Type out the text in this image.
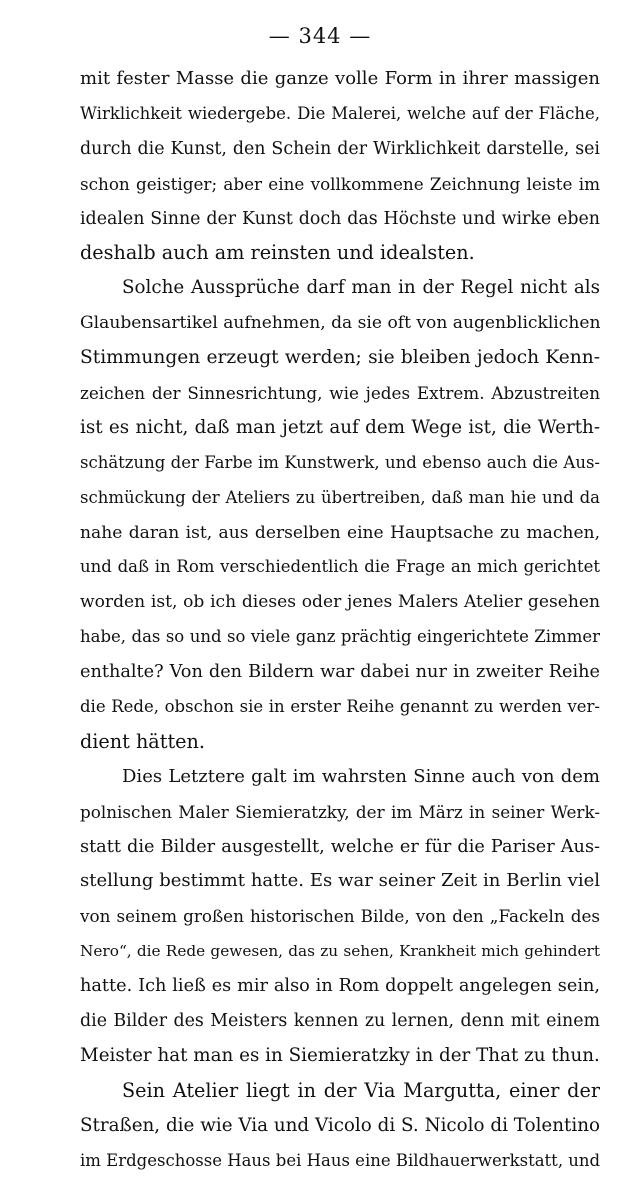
— 344 —
mit fester Masse die ganze volle Form in ihrer massigen
Wirklichkeit wiedergebe. Die Malerei, welche auf der Fläche,
durch die Kunst, den Schein der Wirklichkeit darstelle, sei
schon geistiger; aber eine vollkommene Zeichnung leiste im
idealen Sinne der Kunst doch das Höchste und wirke eben
deshalb auch am reinsten und idealsten.
Solche Aussprüche darf man in der Regel nicht als
Glaubensartikel aufnehmen, da sie oft von augenblicklichen
Stimmungen erzeugt werden; sie bleiben jedoch Kenn-
zeichen der Sinnesrichtung, wie jedes Extrem. Abzustreiten
ist es nicht, daß man jetzt auf dem Wege ist, die Werth-
schätzung der Farbe im Kunstwerk, und ebenso auch die Aus-
schmückung der Ateliers zu übertreiben, daß man hie und da
nahe daran ist, aus derselben eine Hauptsache zu machen,
und daß in Rom verschiedentlich die Frage an mich gerichtet
worden ist, ob ich dieses oder jenes Malers Atelier gesehen
habe, das so und so viele ganz prächtig eingerichtete Zimmer
enthalte? Von den Bildern war dabei nur in zweiter Reihe
die Rede, obschon sie in erster Reihe genannt zu werden ver-
dient hätten.
Dies Letztere galt im wahrsten Sinne auch von dem
polnischen Maler Siemieratzky, der im März in seiner Werk-
statt die Bilder ausgestellt, welche er für die Pariser Aus-
stellung bestimmt hatte. Es war seiner Zeit in Berlin viel
von seinem großen historischen Bilde, von den „Fackeln des
Nero“, die Rede gewesen, das zu sehen, Krankheit mich gehindert
hatte. Ich ließ es mir also in Rom doppelt angelegen sein,
die Bilder des Meisters kennen zu lernen, denn mit einem
Meister hat man es in Siemieratzky in der That zu thun.
Sein Atelier liegt in der Via Margutta, einer der
Straßen, die wie Via und Vicolo di S. Nicolo di Tolentino
im Erdgeschosse Haus bei Haus eine Bildhauerwerkstatt, und
